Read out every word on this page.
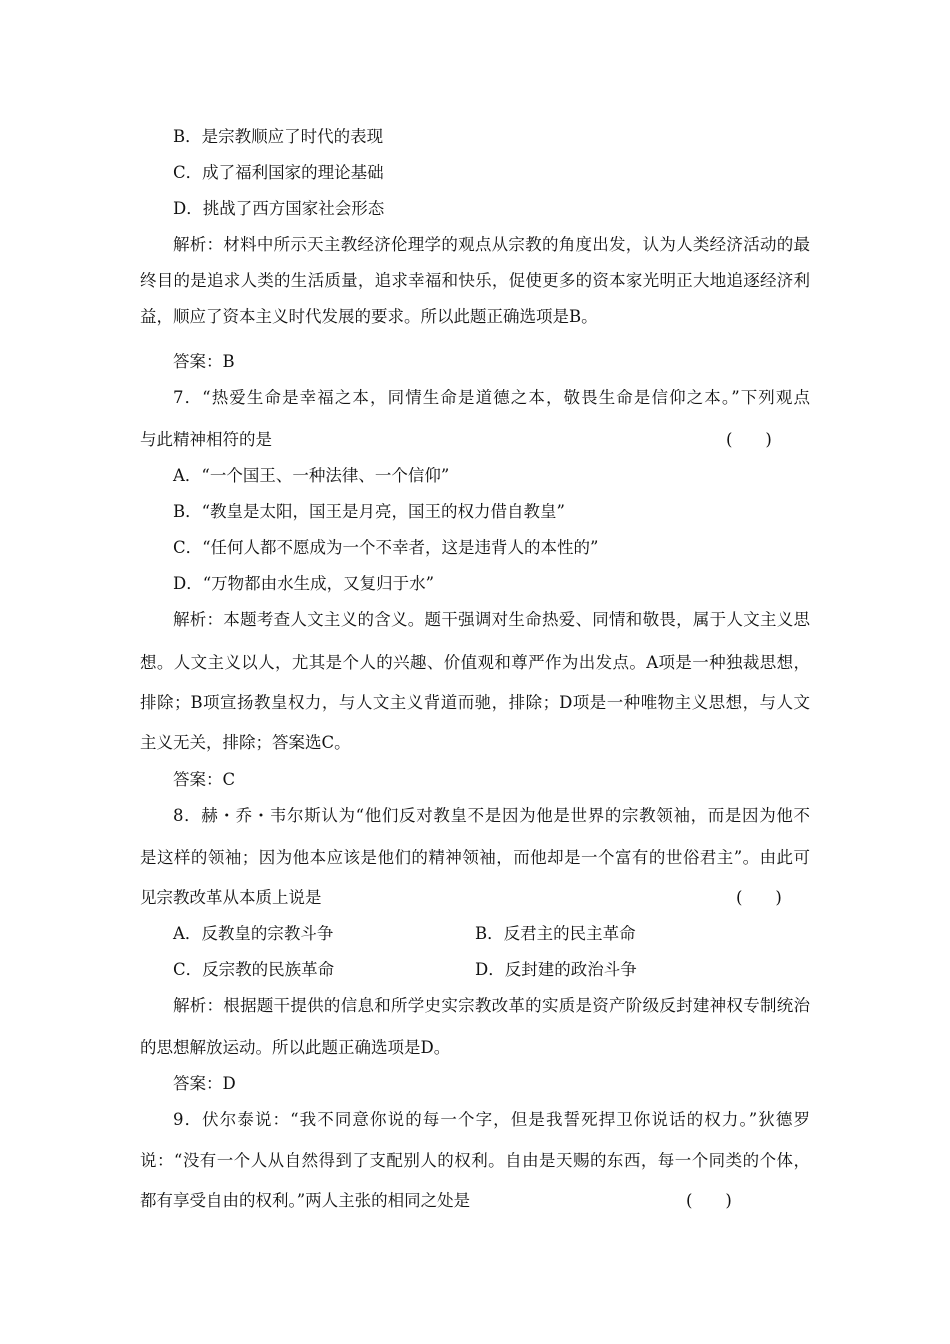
B．是宗教顺应了时代的表现
C．成了福利国家的理论基础
D．挑战了西方国家社会形态
解析：材料中所示天主教经济伦理学的观点从宗教的角度出发，认为人类经济活动的最
终目的是追求人类的生活质量，追求幸福和快乐，促使更多的资本家光明正大地追逐经济利
益，顺应了资本主义时代发展的要求。所以此题正确选项是B。
答案：B
7．“热爱生命是幸福之本，同情生命是道德之本，敬畏生命是信仰之本。”下列观点
与此精神相符的是	(　　)
A．“一个国王、一种法律、一个信仰”
B．“教皇是太阳，国王是月亮，国王的权力借自教皇”
C．“任何人都不愿成为一个不幸者，这是违背人的本性的”
D．“万物都由水生成，又复归于水”
解析：本题考查人文主义的含义。题干强调对生命热爱、同情和敬畏，属于人文主义思
想。人文主义以人，尤其是个人的兴趣、价值观和尊严作为出发点。A项是一种独裁思想，
排除；B项宣扬教皇权力，与人文主义背道而驰，排除；D项是一种唯物主义思想，与人文
主义无关，排除；答案选C。
答案：C
8．赫・乔・韦尔斯认为“他们反对教皇不是因为他是世界的宗教领袖，而是因为他不
是这样的领袖；因为他本应该是他们的精神领袖，而他却是一个富有的世俗君主”。由此可
见宗教改革从本质上说是	(　　)
A．反教皇的宗教斗争	B．反君主的民主革命
C．反宗教的民族革命	D．反封建的政治斗争
解析：根据题干提供的信息和所学史实宗教改革的实质是资产阶级反封建神权专制统治
的思想解放运动。所以此题正确选项是D。
答案：D
9．伏尔泰说：“我不同意你说的每一个字，但是我誓死捍卫你说话的权力。”狄德罗
说：“没有一个人从自然得到了支配别人的权利。自由是天赐的东西，每一个同类的个体，
都有享受自由的权利。”两人主张的相同之处是	(　　)
